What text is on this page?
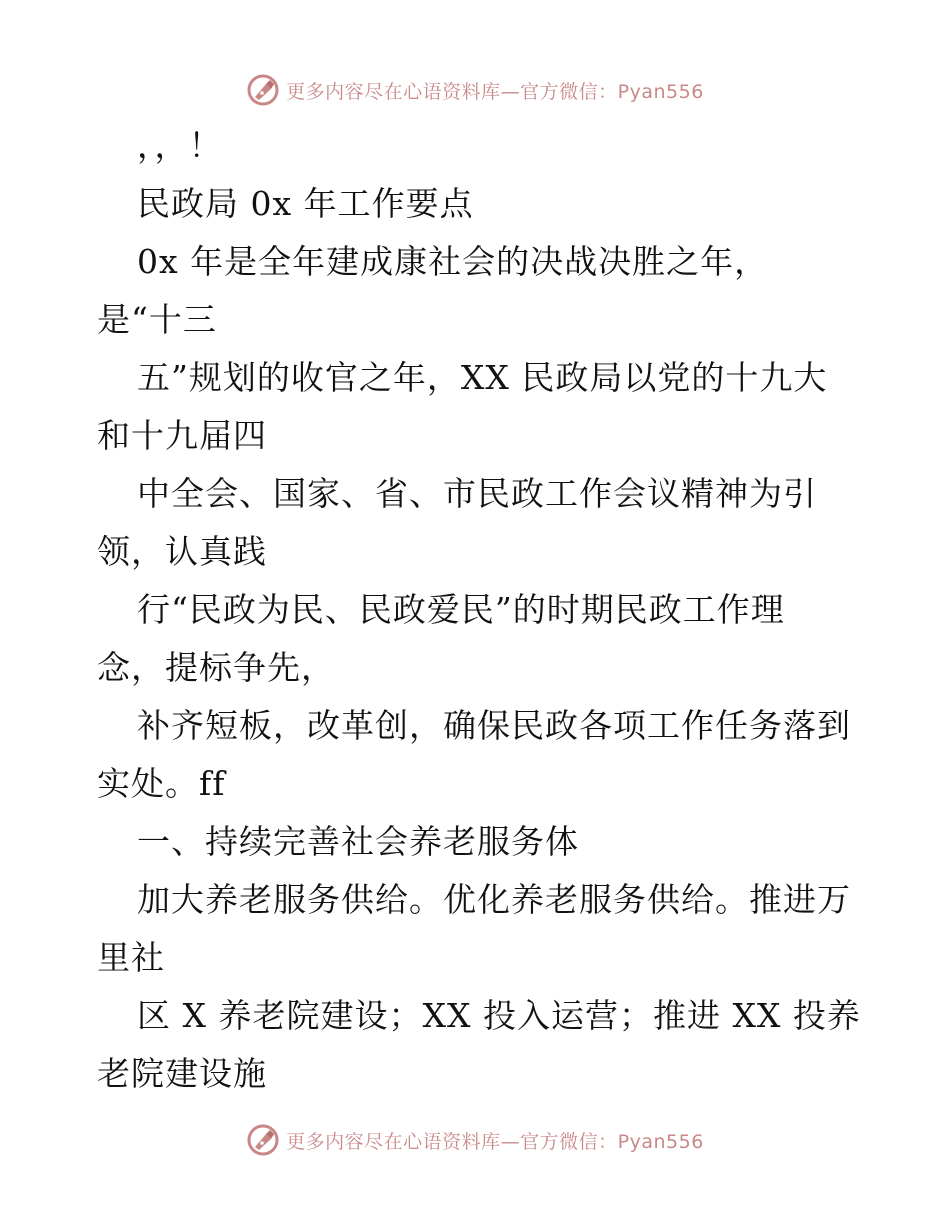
更多内容尽在心语资料库—官方微信：Pyan556
，，！
民政局 0x 年工作要点
0x 年是全年建成康社会的决战决胜之年，
是“十三
五”规划的收官之年，XX 民政局以党的十九大
和十九届四
中全会、国家、省、市民政工作会议精神为引
领，认真践
行“民政为民、民政爱民”的时期民政工作理
念，提标争先，
补齐短板，改革创，确保民政各项工作任务落到
实处。ff
一、持续完善社会养老服务体
加大养老服务供给。优化养老服务供给。推进万
里社
区 X 养老院建设；XX 投入运营；推进 XX 投养
老院建设施
更多内容尽在心语资料库—官方微信：Pyan556
